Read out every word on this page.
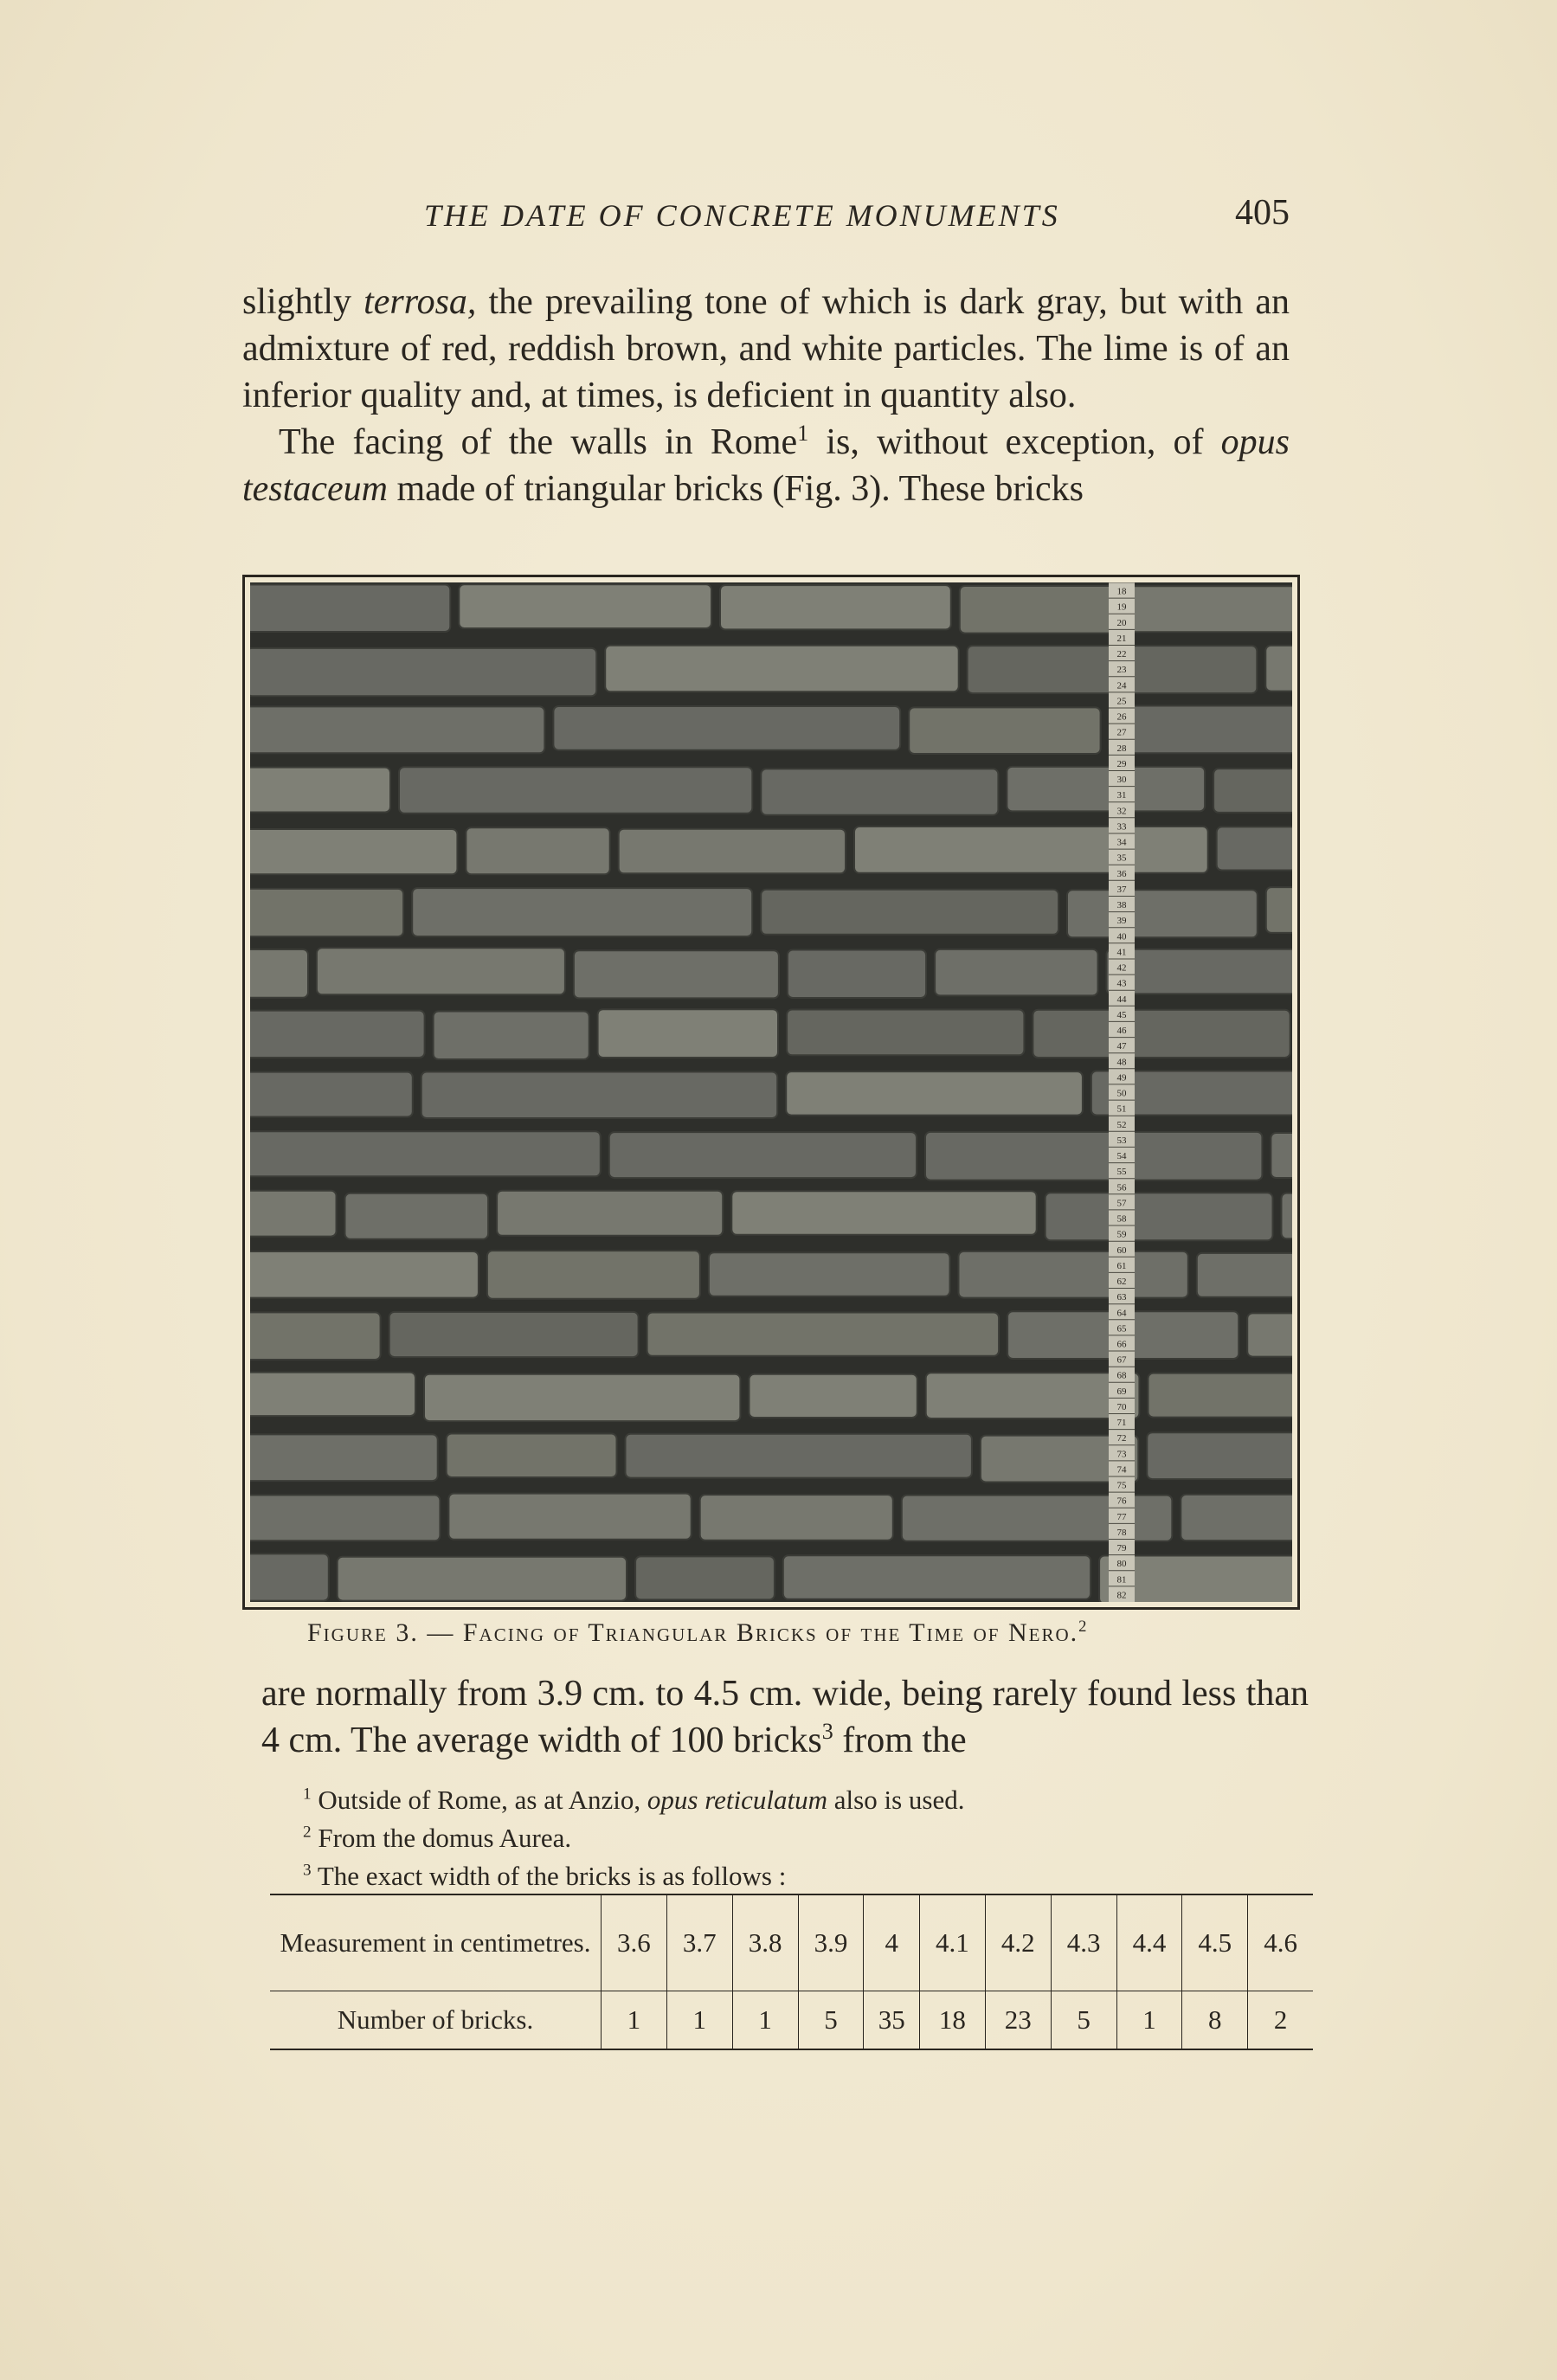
THE DATE OF CONCRETE MONUMENTS	405

slightly terrosa, the prevailing tone of which is dark gray, but with an admixture of red, reddish brown, and white particles. The lime is of an inferior quality and, at times, is deficient in quantity also.

The facing of the walls in Rome$^1$ is, without exception, of opus testaceum made of triangular bricks (Fig. 3). These bricks

18
19
20
21
22
23
24
25
26
27
28
29
30
31
32
33
34
35
36
37
38
39
40
41
42
43
44
45
46
47
48
49
50
51
52
53
54
55
56
57
58
59
60
61
62
63
64
65
66
67
68
69
70
71
72
73
74
75
76
77
78
79
80
81
82
Figure 3. — Facing of Triangular Bricks of the Time of Nero.$^2$

are normally from 3.9 cm. to 4.5 cm. wide, being rarely found less than 4 cm. The average width of 100 bricks$^3$ from the

$^1$ Outside of Rome, as at Anzio, opus reticulatum also is used.
$^2$ From the domus Aurea.
$^3$ The exact width of the bricks is as follows :
Measurement in centimetres.	3.6	3.7	3.8	3.9	4	4.1	4.2	4.3	4.4	4.5	4.6
Number of bricks.	1	1	1	5	35	18	23	5	1	8	2
